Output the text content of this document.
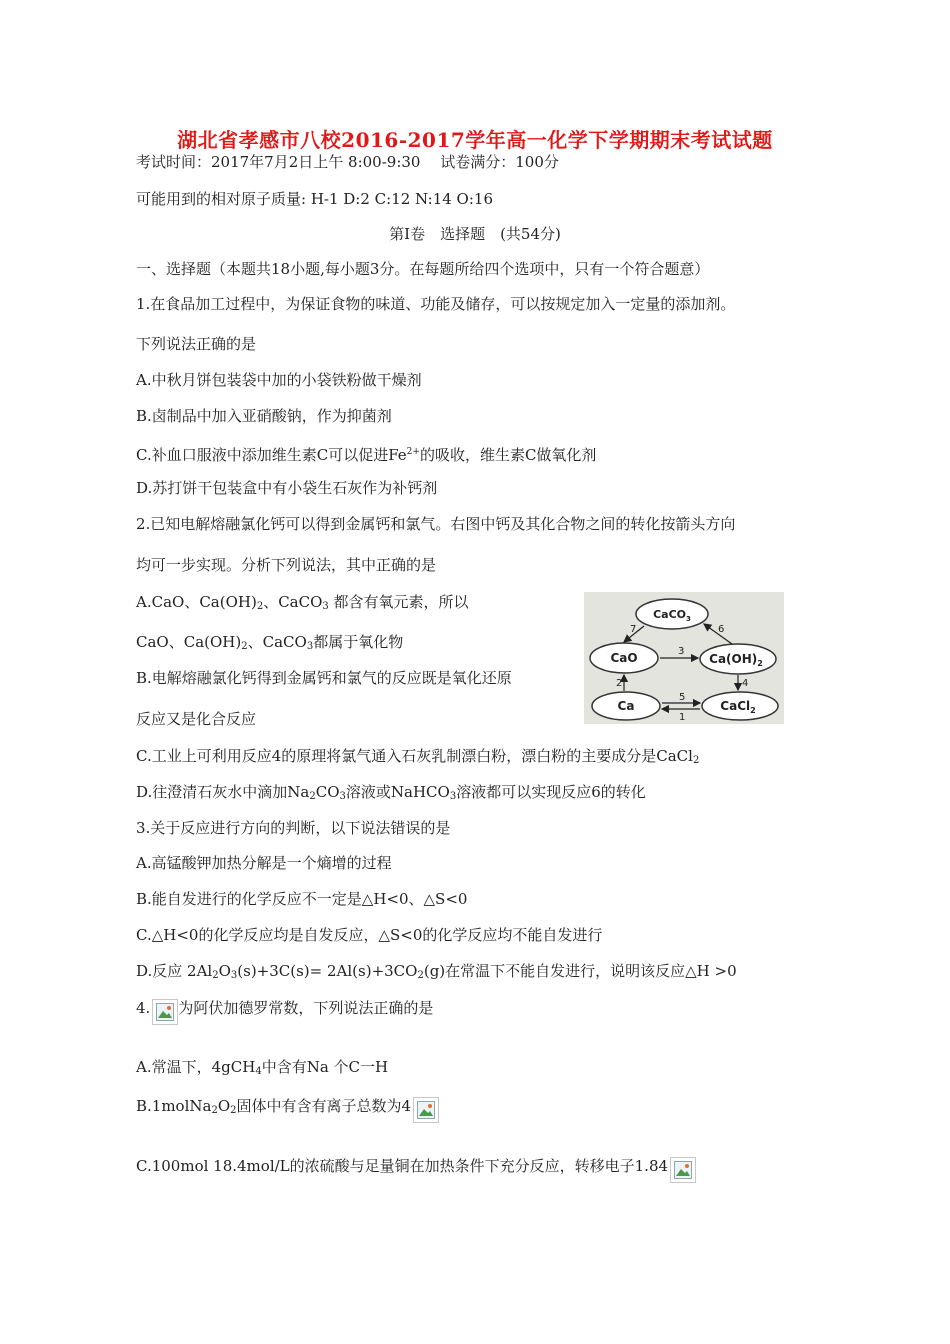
湖北省孝感市八校2016-2017学年高一化学下学期期末考试试题
考试时间：2017年7月2日上午 8:00-9:30　 试卷满分：100分
可能用到的相对原子质量: H-1 D:2 C:12 N:14 O:16
第Ⅰ卷　选择题　(共54分)
一、选择题（本题共18小题,每小题3分。在每题所给四个选项中，只有一个符合题意）
1.在食品加工过程中，为保证食物的味道、功能及储存，可以按规定加入一定量的添加剂。
下列说法正确的是
A.中秋月饼包装袋中加的小袋铁粉做干燥剂
B.卤制品中加入亚硝酸钠，作为抑菌剂
C.补血口服液中添加维生素C可以促进$Fe^{2+}$的吸收，维生素C做氧化剂
D.苏打饼干包装盒中有小袋生石灰作为补钙剂
2.已知电解熔融氯化钙可以得到金属钙和氯气。右图中钙及其化合物之间的转化按箭头方向
均可一步实现。分析下列说法，其中正确的是
A.CaO、$Ca(OH)_2$、CaCO$_3$ 都含有氧元素，所以
CaO、$Ca(OH)_2$、CaCO$_3$都属于氧化物
B.电解熔融氯化钙得到金属钙和氯气的反应既是氧化还原
反应又是化合反应
C.工业上可利用反应4的原理将氯气通入石灰乳制漂白粉，漂白粉的主要成分是CaCl$_2$
D.往澄清石灰水中滴加$Na_2CO_3$溶液或NaHCO$_3$溶液都可以实现反应6的转化
CaCO$_3$
CaO	$Ca(OH)_2$
Ca	CaCl$_2$
7	6
3
2	4
5
1
3.关于反应进行方向的判断，以下说法错误的是
A.高锰酸钾加热分解是一个熵增的过程
B.能自发进行的化学反应不一定是△H<0、△S<0
C.△H<0的化学反应均是自发反应，△S<0的化学反应均不能自发进行
D.反应 $2Al_2O_3(s)+3C(s)= 2Al(s)+3CO_2(g)$在常温下不能自发进行，说明该反应△H >0
4. 为阿伏加德罗常数，下列说法正确的是
A.常温下，4gCH$_4$中含有Na 个C一H
$B.1molNa_2O_2$固体中有含有离子总数为4
C.100mol 18.4mol/L的浓硫酸与足量铜在加热条件下充分反应，转移电子1.84
